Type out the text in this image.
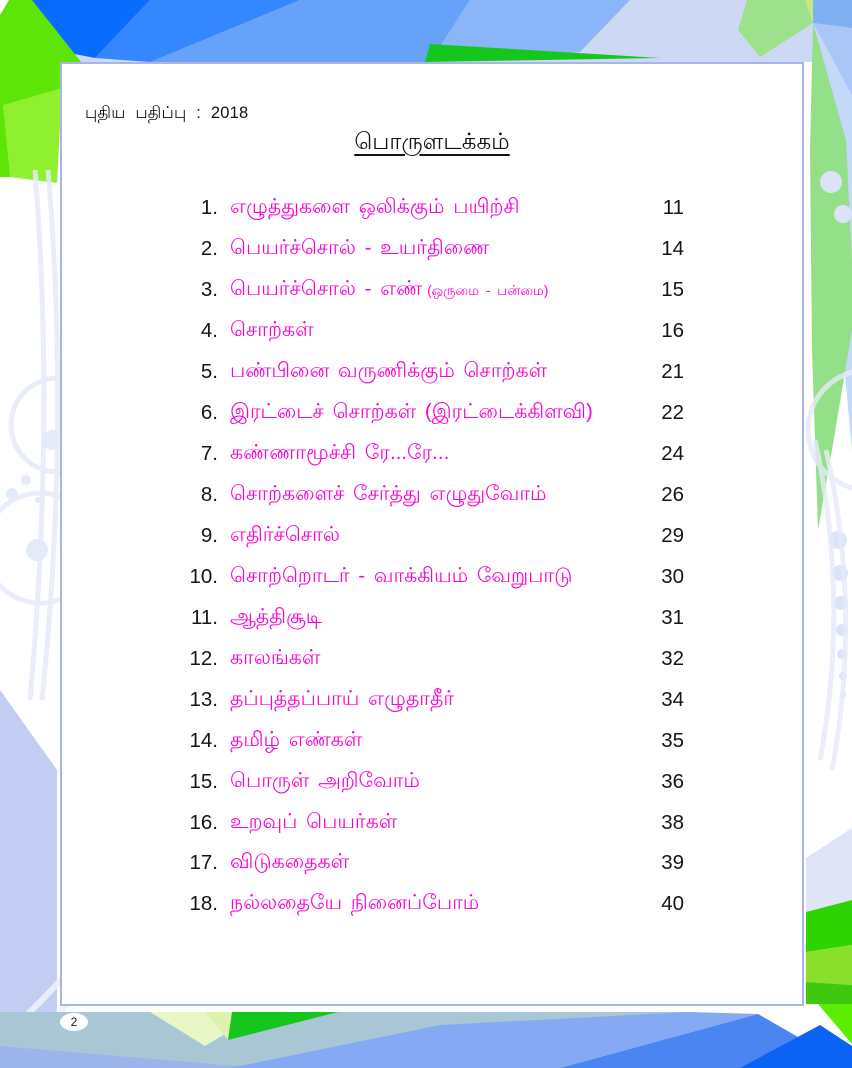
புதிய பதிப்பு : 2018
பொருளடக்கம்
1. எழுத்துகளை ஒலிக்கும் பயிற்சி	11
2. பெயர்ச்சொல் - உயர்திணை	14
3. பெயர்ச்சொல் - எண் (ஒருமை - பன்மை)	15
4. சொற்கள்	16
5. பண்பினை வருணிக்கும் சொற்கள்	21
6. இரட்டைச் சொற்கள் (இரட்டைக்கிளவி)	22
7. கண்ணாமூச்சி ரே...ரே...	24
8. சொற்களைச் சேர்த்து எழுதுவோம்	26
9. எதிர்ச்சொல்	29
10. சொற்றொடர் - வாக்கியம் வேறுபாடு	30
11. ஆத்திசூடி	31
12. காலங்கள்	32
13. தப்புத்தப்பாய் எழுதாதீர்	34
14. தமிழ் எண்கள்	35
15. பொருள் அறிவோம்	36
16. உறவுப் பெயர்கள்	38
17. விடுகதைகள்	39
18. நல்லதையே நினைப்போம்	40
2
